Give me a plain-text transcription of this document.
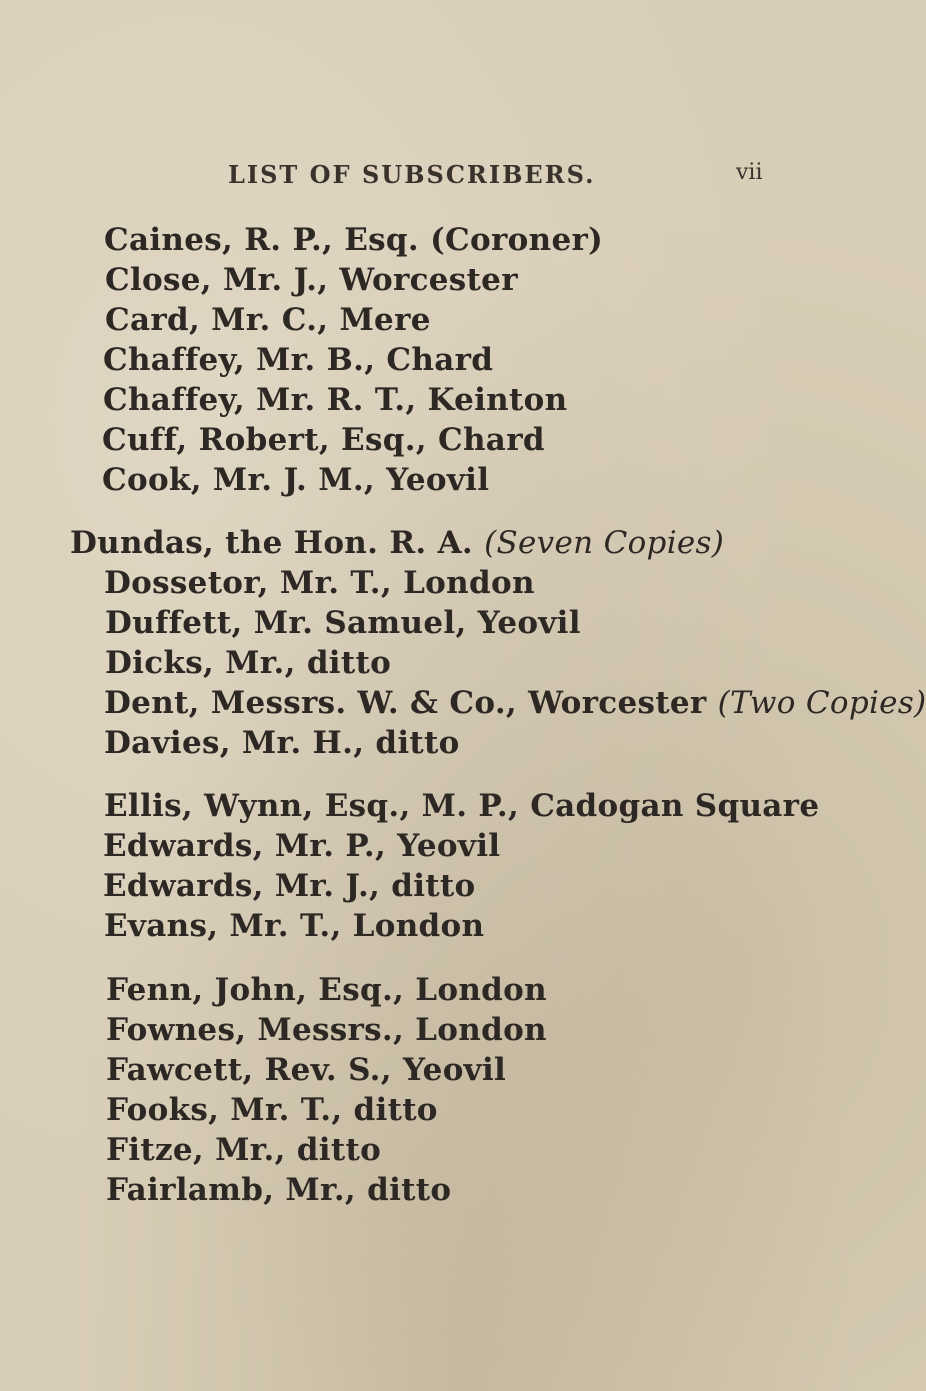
LIST OF SUBSCRIBERS.	vii
Caines, R. P., Esq. (Coroner)
Close, Mr. J., Worcester
Card, Mr. C., Mere
Chaffey, Mr. B., Chard
Chaffey, Mr. R. T., Keinton
Cuff, Robert, Esq., Chard
Cook, Mr. J. M., Yeovil
Dundas, the Hon. R. A. (Seven Copies)
Dossetor, Mr. T., London
Duffett, Mr. Samuel, Yeovil
Dicks, Mr., ditto
Dent, Messrs. W. & Co., Worcester (Two Copies)
Davies, Mr. H., ditto
Ellis, Wynn, Esq., M. P., Cadogan Square
Edwards, Mr. P., Yeovil
Edwards, Mr. J., ditto
Evans, Mr. T., London
Fenn, John, Esq., London
Fownes, Messrs., London
Fawcett, Rev. S., Yeovil
Fooks, Mr. T., ditto
Fitze, Mr., ditto
Fairlamb, Mr., ditto
